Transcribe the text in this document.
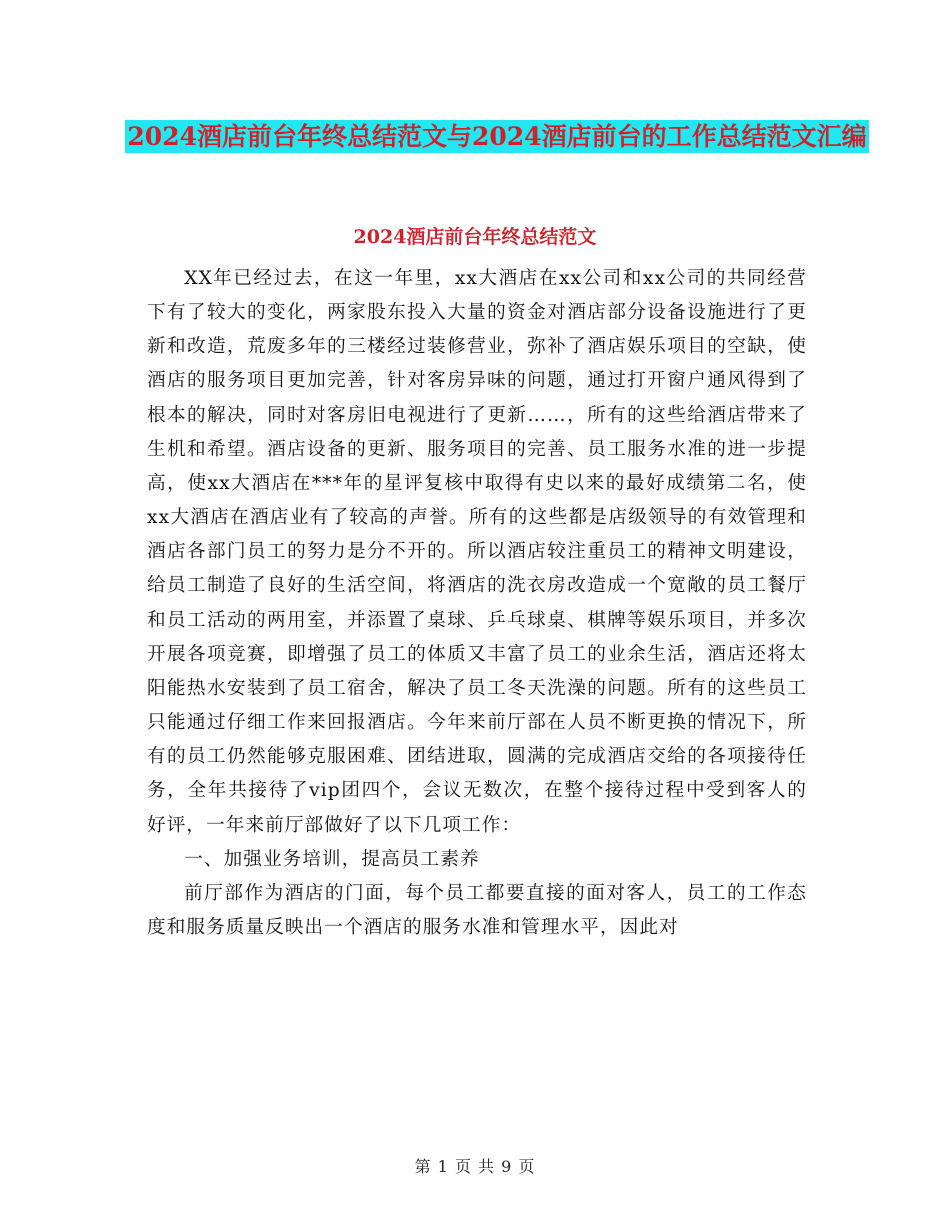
2024酒店前台年终总结范文与2024酒店前台的工作总结范文汇编
2024酒店前台年终总结范文

XX年已经过去，在这一年里，xx大酒店在xx公司和xx公司的共同经营下有了较大的变化，两家股东投入大量的资金对酒店部分设备设施进行了更新和改造，荒废多年的三楼经过装修营业，弥补了酒店娱乐项目的空缺，使酒店的服务项目更加完善，针对客房异味的问题，通过打开窗户通风得到了根本的解决，同时对客房旧电视进行了更新……，所有的这些给酒店带来了生机和希望。酒店设备的更新、服务项目的完善、员工服务水准的进一步提高，使xx大酒店在***年的星评复核中取得有史以来的最好成绩第二名，使xx大酒店在酒店业有了较高的声誉。所有的这些都是店级领导的有效管理和酒店各部门员工的努力是分不开的。所以酒店较注重员工的精神文明建设，给员工制造了良好的生活空间，将酒店的洗衣房改造成一个宽敞的员工餐厅和员工活动的两用室，并添置了桌球、乒乓球桌、棋牌等娱乐项目，并多次开展各项竞赛，即增强了员工的体质又丰富了员工的业余生活，酒店还将太阳能热水安装到了员工宿舍，解决了员工冬天洗澡的问题。所有的这些员工只能通过仔细工作来回报酒店。今年来前厅部在人员不断更换的情况下，所有的员工仍然能够克服困难、团结进取，圆满的完成酒店交给的各项接待任务，全年共接待了vip团四个，会议无数次，在整个接待过程中受到客人的好评，一年来前厅部做好了以下几项工作：

一、加强业务培训，提高员工素养

前厅部作为酒店的门面，每个员工都要直接的面对客人，员工的工作态度和服务质量反映出一个酒店的服务水准和管理水平，因此对

第 1 页 共 9 页
